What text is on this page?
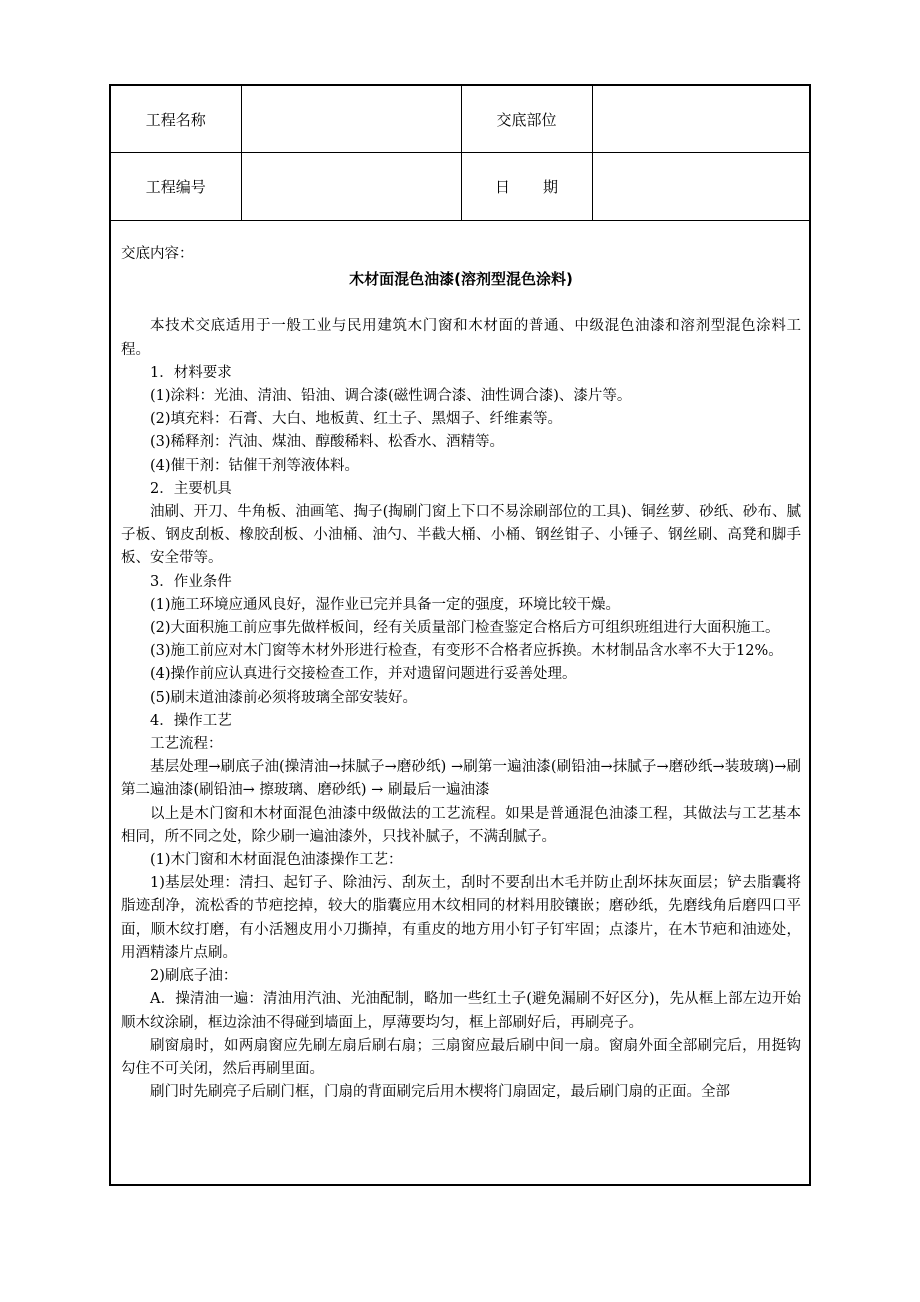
工程名称		交底部位	
工程编号		日期	

交底内容：

木材面混色油漆(溶剂型混色涂料)

本技术交底适用于一般工业与民用建筑木门窗和木材面的普通、中级混色油漆和溶剂型混色涂料工程。

1．材料要求

(1)涂料：光油、清油、铅油、调合漆(磁性调合漆、油性调合漆)、漆片等。

(2)填充料：石膏、大白、地板黄、红土子、黑烟子、纤维素等。

(3)稀释剂：汽油、煤油、醇酸稀料、松香水、酒精等。

(4)催干剂：钴催干剂等液体料。

2．主要机具

油刷、开刀、牛角板、油画笔、掏子(掏刷门窗上下口不易涂刷部位的工具)、铜丝萝、砂纸、砂布、腻子板、钢皮刮板、橡胶刮板、小油桶、油勺、半截大桶、小桶、钢丝钳子、小锤子、钢丝刷、高凳和脚手板、安全带等。

3．作业条件

(1)施工环境应通风良好，湿作业已完并具备一定的强度，环境比较干燥。

(2)大面积施工前应事先做样板间，经有关质量部门检查鉴定合格后方可组织班组进行大面积施工。

(3)施工前应对木门窗等木材外形进行检查，有变形不合格者应拆换。木材制品含水率不大于12%。

(4)操作前应认真进行交接检查工作，并对遗留问题进行妥善处理。

(5)刷末道油漆前必须将玻璃全部安装好。

4．操作工艺

工艺流程：

基层处理→刷底子油(操清油→抹腻子→磨砂纸) →刷第一遍油漆(刷铅油→抹腻子→磨砂纸→装玻璃)→刷第二遍油漆(刷铅油→ 擦玻璃、磨砂纸) → 刷最后一遍油漆

以上是木门窗和木材面混色油漆中级做法的工艺流程。如果是普通混色油漆工程，其做法与工艺基本相同，所不同之处，除少刷一遍油漆外，只找补腻子，不满刮腻子。

(1)木门窗和木材面混色油漆操作工艺：

1)基层处理：清扫、起钉子、除油污、刮灰土，刮时不要刮出木毛并防止刮坏抹灰面层；铲去脂囊将脂迹刮净，流松香的节疤挖掉，较大的脂囊应用木纹相同的材料用胶镶嵌；磨砂纸，先磨线角后磨四口平面，顺木纹打磨，有小活翘皮用小刀撕掉，有重皮的地方用小钉子钉牢固；点漆片，在木节疤和油迹处，用酒精漆片点刷。

2)刷底子油：

A．操清油一遍：清油用汽油、光油配制，略加一些红土子(避免漏刷不好区分)，先从框上部左边开始顺木纹涂刷，框边涂油不得碰到墙面上，厚薄要均匀，框上部刷好后，再刷亮子。

刷窗扇时，如两扇窗应先刷左扇后刷右扇；三扇窗应最后刷中间一扇。窗扇外面全部刷完后，用挺钩勾住不可关闭，然后再刷里面。

刷门时先刷亮子后刷门框，门扇的背面刷完后用木楔将门扇固定，最后刷门扇的正面。全部
